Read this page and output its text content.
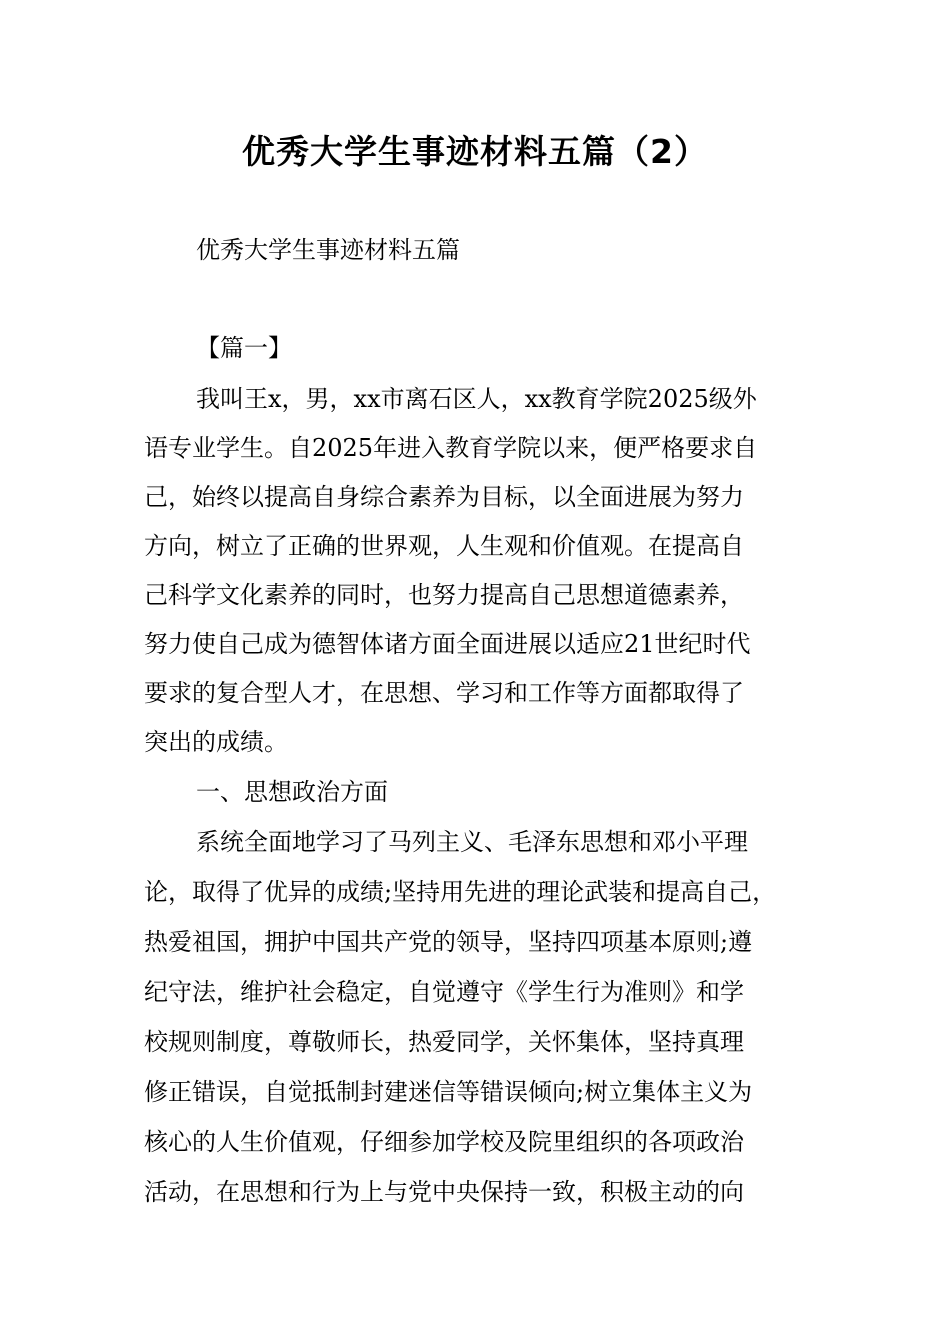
优秀大学生事迹材料五篇（2）

优秀大学生事迹材料五篇

【篇一】

我叫王x，男，xx市离石区人，xx教育学院2025级外

语专业学生。自2025年进入教育学院以来，便严格要求自

己，始终以提高自身综合素养为目标，以全面进展为努力

方向，树立了正确的世界观，人生观和价值观。在提高自

己科学文化素养的同时，也努力提高自己思想道德素养，

努力使自己成为德智体诸方面全面进展以适应21世纪时代

要求的复合型人才，在思想、学习和工作等方面都取得了

突出的成绩。

一、思想政治方面

系统全面地学习了马列主义、毛泽东思想和邓小平理

论，取得了优异的成绩;坚持用先进的理论武装和提高自己，

热爱祖国，拥护中国共产党的领导，坚持四项基本原则;遵

纪守法，维护社会稳定，自觉遵守《学生行为准则》和学

校规则制度，尊敬师长，热爱同学，关怀集体，坚持真理

修正错误，自觉抵制封建迷信等错误倾向;树立集体主义为

核心的人生价值观，仔细参加学校及院里组织的各项政治

活动，在思想和行为上与党中央保持一致，积极主动的向
